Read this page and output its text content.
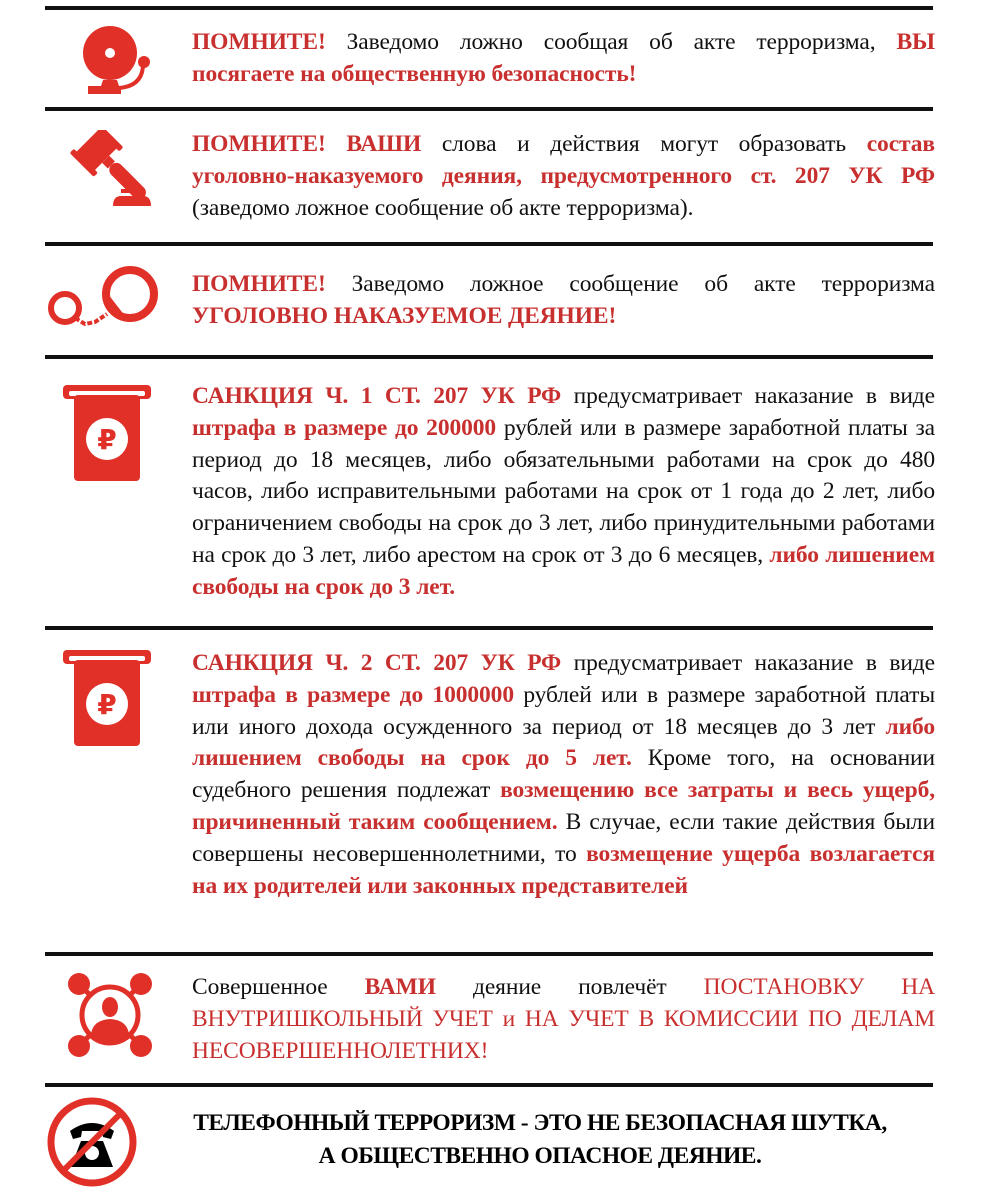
ПОМНИТЕ! Заведомо ложно сообщая об акте терроризма, ВЫ посягаете на общественную безопасность!
ПОМНИТЕ! ВАШИ слова и действия могут образовать состав уголовно-наказуемого деяния, предусмотренного ст. 207 УК РФ (заведомо ложное сообщение об акте терроризма).
ПОМНИТЕ! Заведомо ложное сообщение об акте терроризма УГОЛОВНО НАКАЗУЕМОЕ ДЕЯНИЕ!
₽
САНКЦИЯ Ч. 1 СТ. 207 УК РФ предусматривает наказание в виде штрафа в размере до 200000 рублей или в размере заработной платы за период до 18 месяцев, либо обязательными работами на срок до 480 часов, либо исправительными работами на срок от 1 года до 2 лет, либо ограничением свободы на срок до 3 лет, либо принудительными работами на срок до 3 лет, либо арестом на срок от 3 до 6 месяцев, либо лишением свободы на срок до 3 лет.
₽
САНКЦИЯ Ч. 2 СТ. 207 УК РФ предусматривает наказание в виде штрафа в размере до 1000000 рублей или в размере заработной платы или иного дохода осужденного за период от 18 месяцев до 3 лет либо лишением свободы на срок до 5 лет. Кроме того, на основании судебного решения подлежат возмещению все затраты и весь ущерб, причиненный таким сообщением. В случае, если такие действия были совершены несовершеннолетними, то возмещение ущерба возлагается на их родителей или законных представителей
Совершенное ВАМИ деяние повлечёт ПОСТАНОВКУ НА ВНУТРИШКОЛЬНЫЙ УЧЕТ и НА УЧЕТ В КОМИССИИ ПО ДЕЛАМ НЕСОВЕРШЕННОЛЕТНИХ!
ТЕЛЕФОННЫЙ ТЕРРОРИЗМ - ЭТО НЕ БЕЗОПАСНАЯ ШУТКА,
А ОБЩЕСТВЕННО ОПАСНОЕ ДЕЯНИЕ.
